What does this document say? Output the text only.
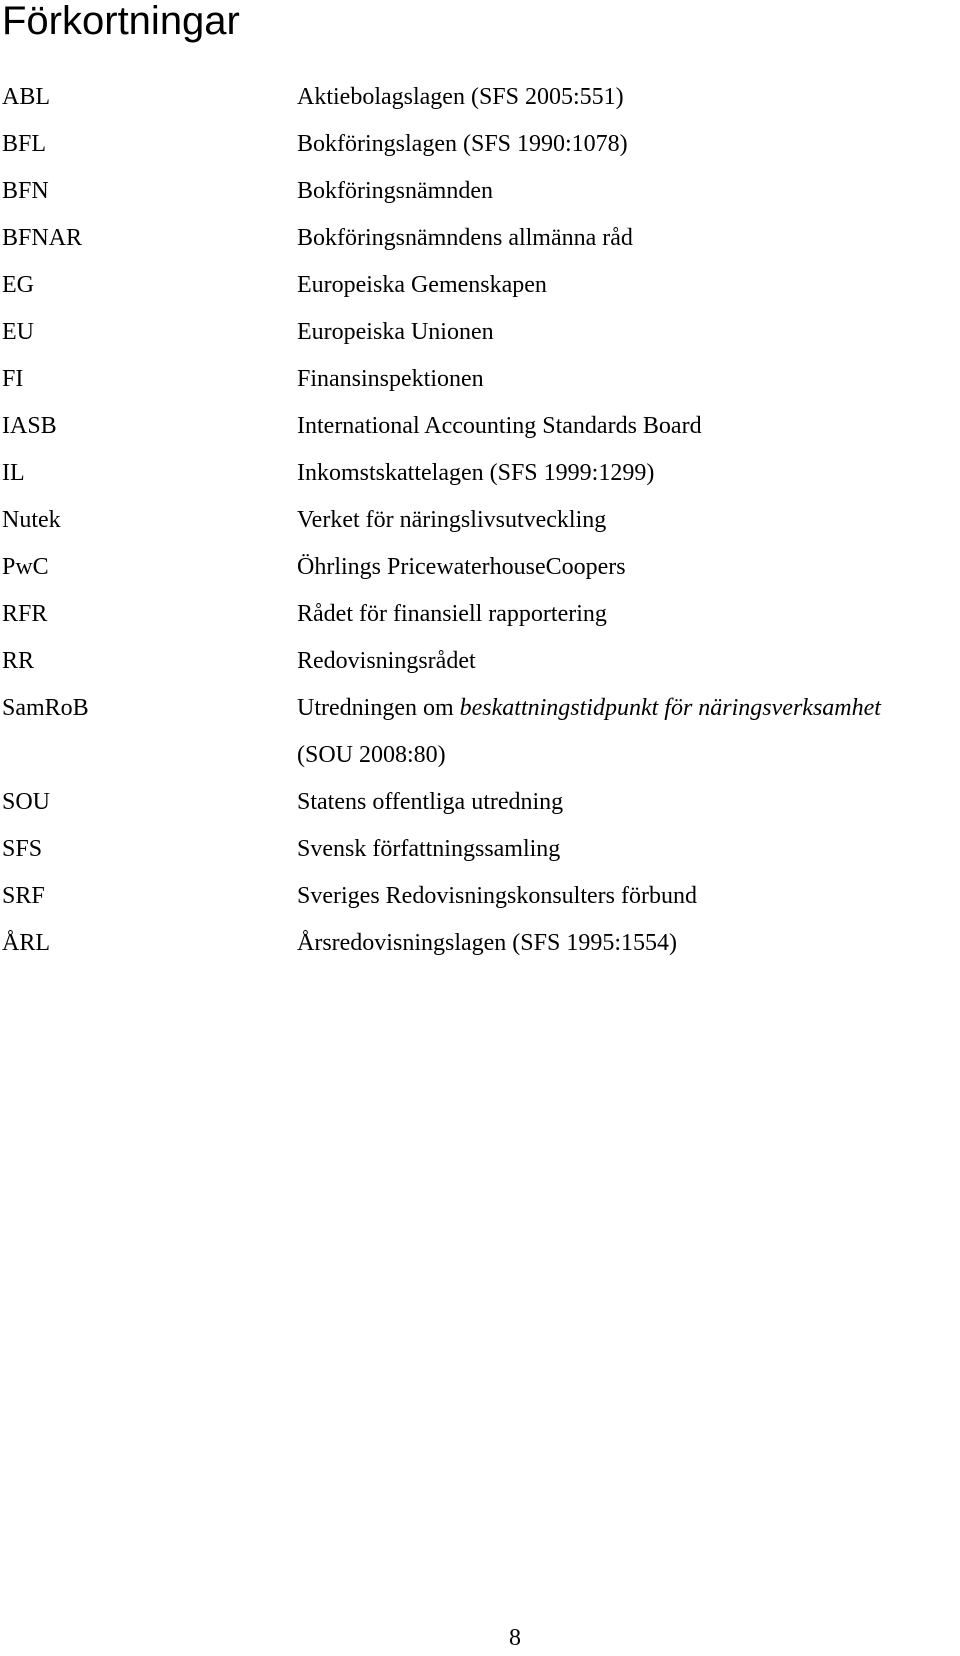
Förkortningar
ABL	Aktiebolagslagen (SFS 2005:551)
BFL	Bokföringslagen (SFS 1990:1078)
BFN	Bokföringsnämnden
BFNAR	Bokföringsnämndens allmänna råd
EG	Europeiska Gemenskapen
EU	Europeiska Unionen
FI	Finansinspektionen
IASB	International Accounting Standards Board
IL	Inkomstskattelagen (SFS 1999:1299)
Nutek	Verket för näringslivsutveckling
PwC	Öhrlings PricewaterhouseCoopers
RFR	Rådet för finansiell rapportering
RR	Redovisningsrådet
SamRoB	Utredningen om beskattningstidpunkt för näringsverksamhet
(SOU 2008:80)
SOU	Statens offentliga utredning
SFS	Svensk författningssamling
SRF	Sveriges Redovisningskonsulters förbund
ÅRL	Årsredovisningslagen (SFS 1995:1554)
8
